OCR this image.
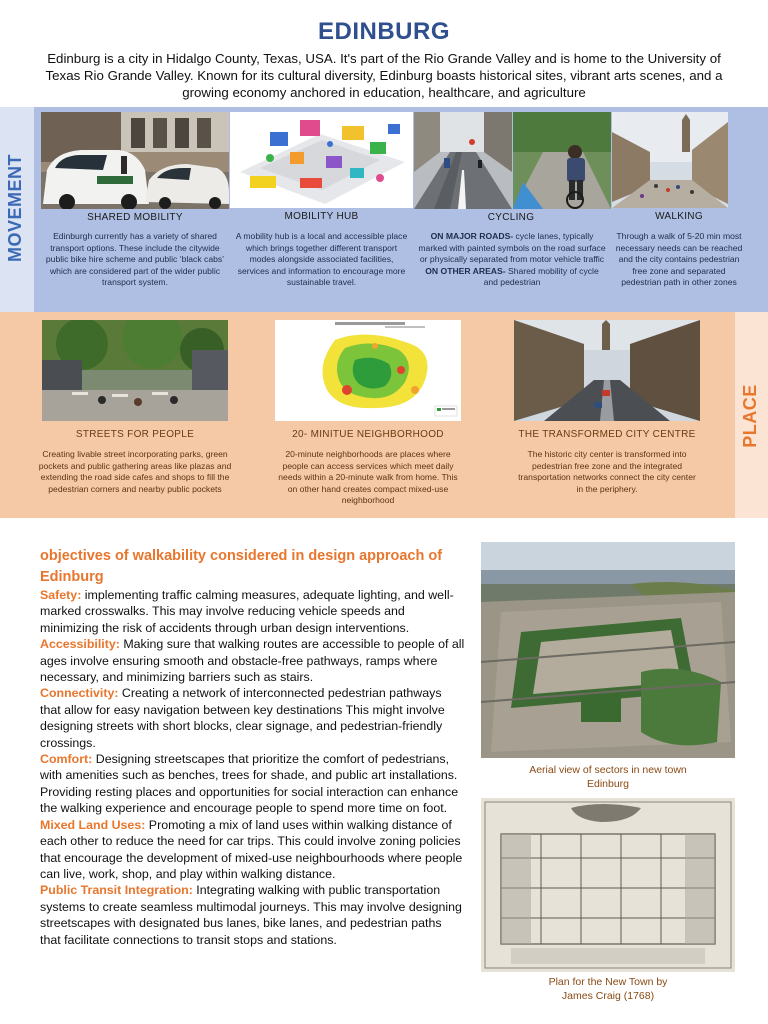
EDINBURG
Edinburg is a city in Hidalgo County, Texas, USA. It's part of the Rio Grande Valley and is home to the University of Texas Rio Grande Valley. Known for its cultural diversity, Edinburg boasts historical sites, vibrant arts scenes, and a growing economy anchored in education, healthcare, and agriculture
MOVEMENT	SHARED MOBILITY
Edinburgh currently has a variety of shared transport options. These include the citywide public bike hire scheme and public ‘black cabs’ which are considered part of the wider public transport system.
MOBILITY HUB
A mobility hub is a local and accessible place which brings together different transport modes alongside associated facilities, services and information to encourage more sustainable travel.
CYCLING
ON MAJOR ROADS- cycle lanes, typically marked with painted symbols on the road surface or physically separated from motor vehicle traffic ON OTHER AREAS- Shared mobility of cycle and pedestrian
WALKING
Through a walk of 5-20 min most necessary needs can be reached and the city contains pedestrian free zone and separated pedestrian path in other zones
PLACE
STREETS FOR PEOPLE
Creating livable street incorporating parks, green pockets and public gathering areas like plazas and extending the road side cafes and shops to fill the pedestrian corners and nearby public pockets
20- MINITUE NEIGHBORHOOD
20-minute neighborhoods are places where people can access services which meet daily needs within a 20-minute walk from home. This on other hand creates compact mixed-use neighborhood
THE TRANSFORMED CITY CENTRE
The historic city center is transformed into pedestrian free zone and the integrated transportation networks connect the city center in the periphery.
objectives of walkability considered in design approach of Edinburg
Safety: implementing traffic calming measures, adequate lighting, and well-marked crosswalks. This may involve reducing vehicle speeds and minimizing the risk of accidents through urban design interventions.
Accessibility: Making sure that walking routes are accessible to people of all ages involve ensuring smooth and obstacle-free pathways, ramps where necessary, and minimizing barriers such as stairs.
Connectivity: Creating a network of interconnected pedestrian pathways that allow for easy navigation between key destinations This might involve designing streets with short blocks, clear signage, and pedestrian-friendly crossings.
Comfort: Designing streetscapes that prioritize the comfort of pedestrians, with amenities such as benches, trees for shade, and public art installations. Providing resting places and opportunities for social interaction can enhance the walking experience and encourage people to spend more time on foot.
Mixed Land Uses: Promoting a mix of land uses within walking distance of each other to reduce the need for car trips. This could involve zoning policies that encourage the development of mixed-use neighbourhoods where people can live, work, shop, and play within walking distance.
Public Transit Integration: Integrating walking with public transportation systems to create seamless multimodal journeys. This may involve designing streetscapes with designated bus lanes, bike lanes, and pedestrian paths that facilitate connections to transit stops and stations.
Aerial view of sectors in new town
Edinburg
Plan for the New Town by
James Craig (1768)
